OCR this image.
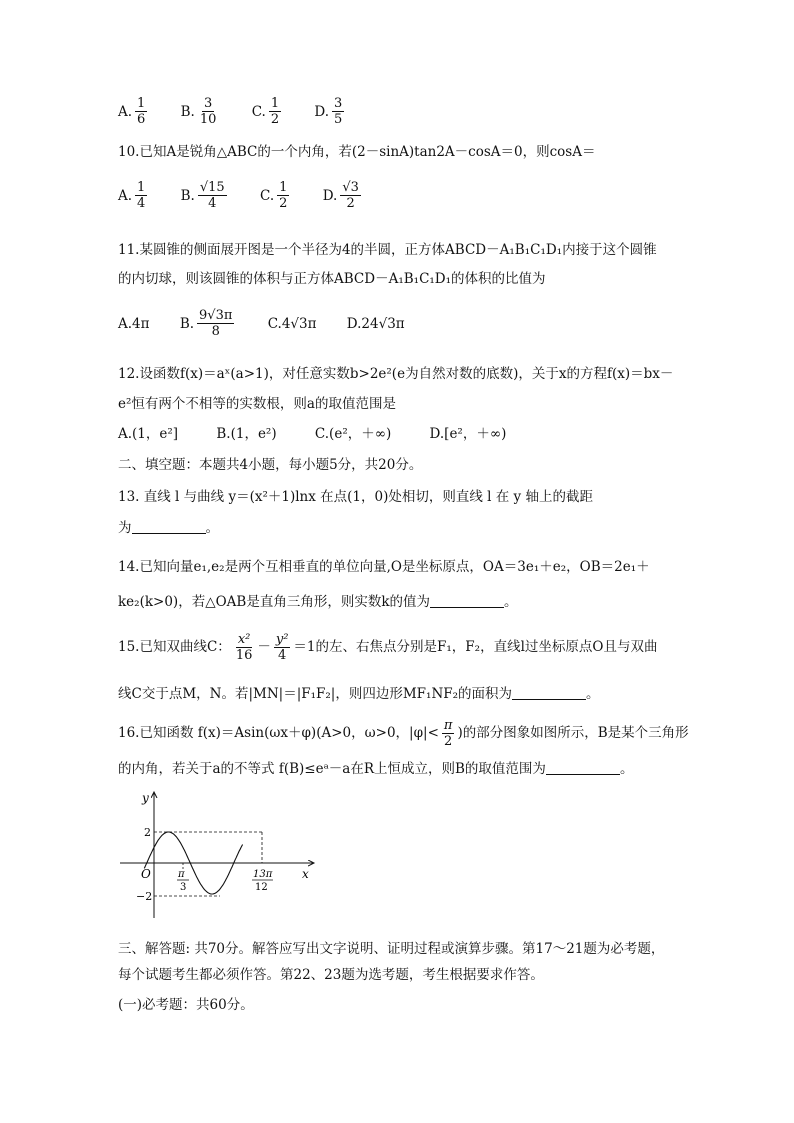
A. $\frac{1}{6}$
B. $\frac{3}{10}$
C. $\frac{1}{2}$
D. $\frac{3}{5}$
10.已知A是锐角△ABC的一个内角，若(2－sinA)tan2A－cosA＝0，则cosA＝
A. $\frac{1}{4}$
B. $\frac{√15}{4}$
C. $\frac{1}{2}$
D. $\frac{√3}{2}$
11.某圆锥的侧面展开图是一个半径为4的半圆，正方体ABCD－A₁B₁C₁D₁内接于这个圆锥
的内切球，则该圆锥的体积与正方体ABCD－A₁B₁C₁D₁的体积的比值为
A.4π B. $\frac{9√3\pi}{8} C.4√3\pi$ D.24√3π
12.设函数f(x)＝aˣ(a>1)，对任意实数b>2e²(e为自然对数的底数)，关于x的方程f(x)＝bx－
e²恒有两个不相等的实数根，则a的取值范围是
A.(1，e²]	B.(1，e²)	C.(e²，＋∞)	D.[e²，＋∞)
二、填空题：本题共4小题，每小题5分，共20分。
13. 直线 l 与曲线 y＝(x²＋1)lnx 在点(1，0)处相切，则直线 l 在 y 轴上的截距
为	。
14.已知向量e₁,e₂是两个互相垂直的单位向量,O是坐标原点，OA＝3e₁＋e₂，OB＝2e₁＋
ke₂(k>0)，若△OAB是直角三角形，则实数k的值为	。
15.已知双曲线C： $\frac{\text{x²}}{16} - \frac{\text{y²}}{4} =1$的左、右焦点分别是F₁，F₂，直线l过坐标原点O且与双曲
线C交于点M，N。若|MN|＝|F₁F₂|，则四边形MF₁NF₂的面积为	。
16.已知函数 f(x)＝Asin(ωx＋φ)(A>0，ω>0，$|\varphi|< \frac{\pi}{2}$ )的部分图象如图所示，B是某个三角形
的内角，若关于a的不等式 f(B)≤eᵃ－a在R上恒成立，则B的取值范围为	。
y
x
O
2
−2
π
3
13π
12
三、解答题: 共70分。解答应写出文字说明、证明过程或演算步骤。第17～21题为必考题，
每个试题考生都必须作答。第22、23题为选考题，考生根据要求作答。
(一)必考题：共60分。
